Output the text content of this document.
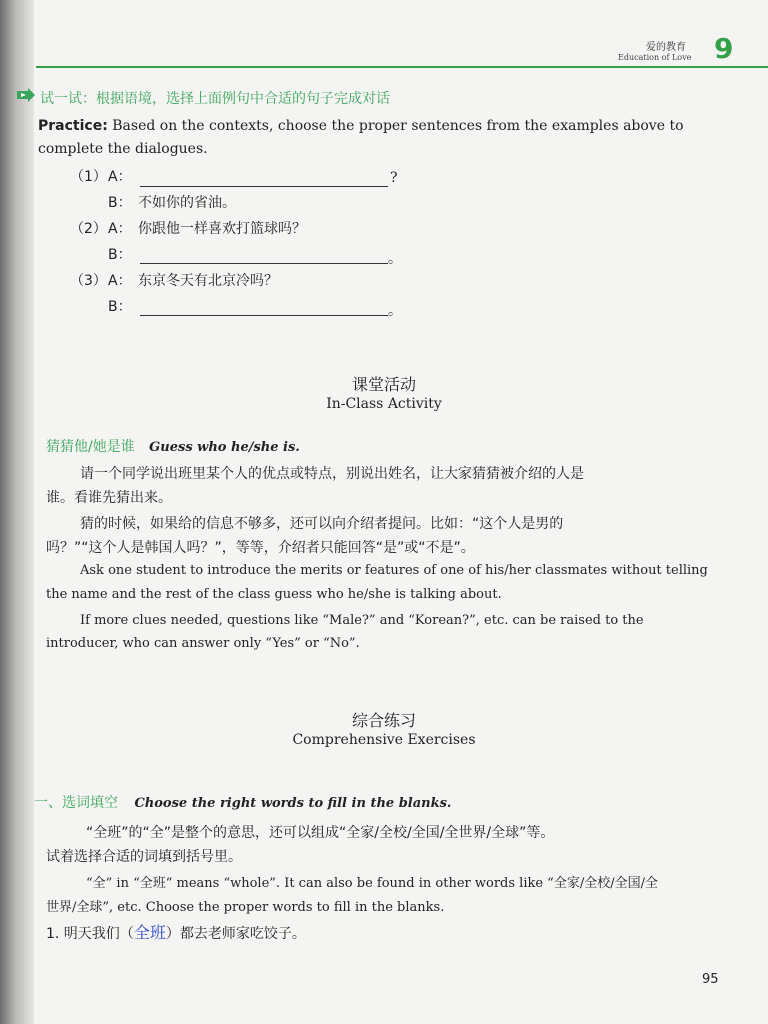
爱的教育
Education of Love 9
试一试：根据语境，选择上面例句中合适的句子完成对话
Practice: Based on the contexts, choose the proper sentences from the examples above to
complete the dialogues.
（1） A：	?
B： 不如你的省油。
（2） A： 你跟他一样喜欢打篮球吗？
B：	。
（3） A： 东京冬天有北京冷吗？
B：	。
课堂活动
In-Class Activity
猜猜他/她是谁 Guess who he/she is.
请一个同学说出班里某个人的优点或特点，别说出姓名，让大家猜猜被介绍的人是
谁。看谁先猜出来。
猜的时候，如果给的信息不够多，还可以向介绍者提问。比如：“这个人是男的
吗？”“这个人是韩国人吗？”，等等，介绍者只能回答“是”或“不是”。
Ask one student to introduce the merits or features of one of his/her classmates without telling
the name and the rest of the class guess who he/she is talking about.
If more clues needed, questions like “Male?” and “Korean?”, etc. can be raised to the
introducer, who can answer only “Yes” or “No”.
综合练习
Comprehensive Exercises
一、选词填空 Choose the right words to fill in the blanks.
“全班”的“全”是整个的意思，还可以组成“全家/全校/全国/全世界/全球”等。
试着选择合适的词填到括号里。
“全” in “全班” means “whole”. It can also be found in other words like “全家/全校/全国/全
世界/全球”, etc. Choose the proper words to fill in the blanks.
1. 明天我们（全班）都去老师家吃饺子。
95
